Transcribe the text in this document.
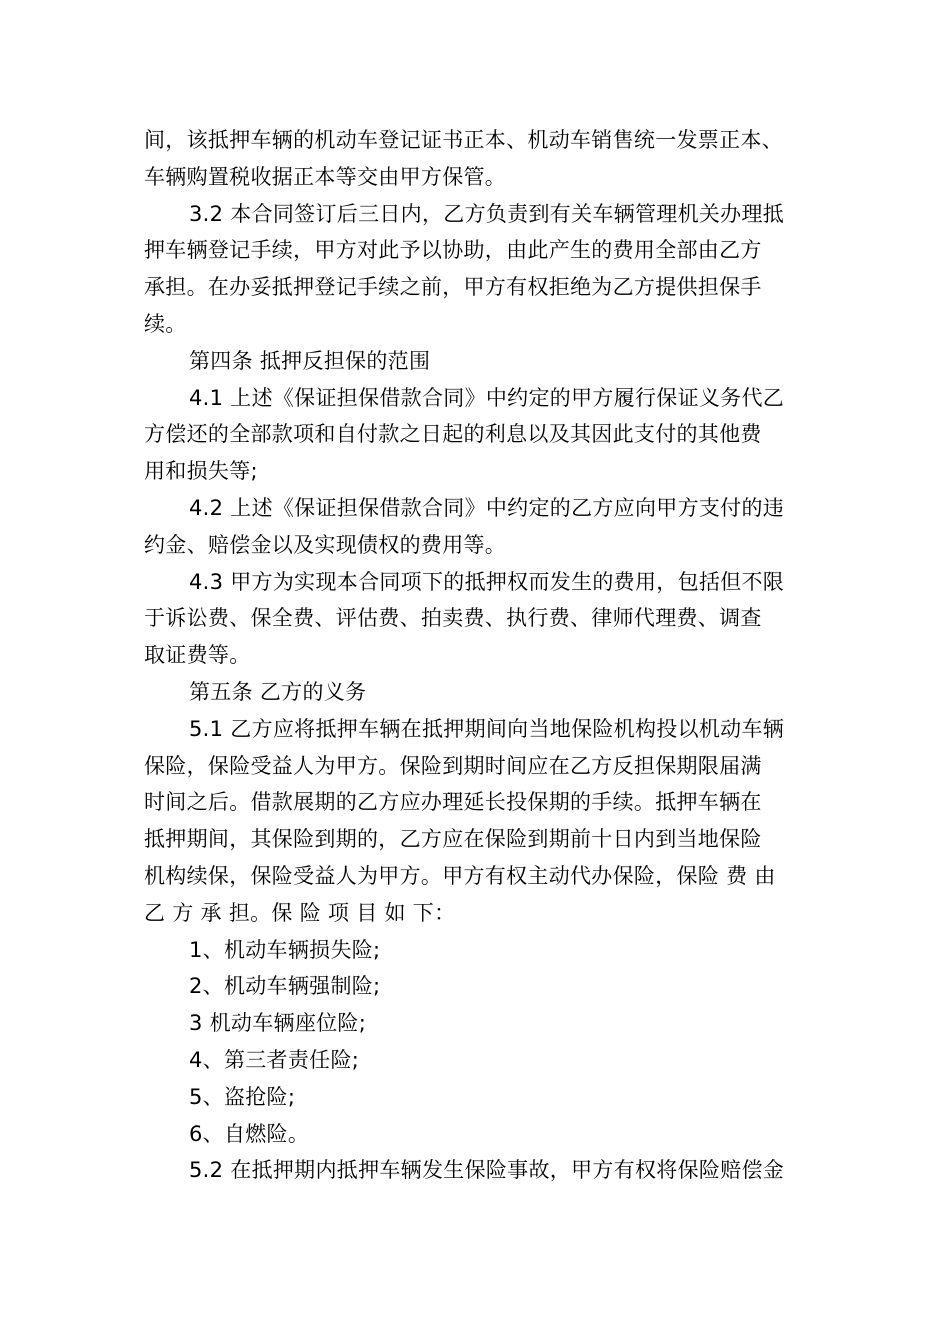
间，该抵押车辆的机动车登记证书正本、机动车销售统一发票正本、
车辆购置税收据正本等交由甲方保管。
3.2 本合同签订后三日内，乙方负责到有关车辆管理机关办理抵
押车辆登记手续，甲方对此予以协助，由此产生的费用全部由乙方
承担。在办妥抵押登记手续之前，甲方有权拒绝为乙方提供担保手
续。
第四条 抵押反担保的范围
4.1 上述《保证担保借款合同》中约定的甲方履行保证义务代乙
方偿还的全部款项和自付款之日起的利息以及其因此支付的其他费
用和损失等;
4.2 上述《保证担保借款合同》中约定的乙方应向甲方支付的违
约金、赔偿金以及实现债权的费用等。
4.3 甲方为实现本合同项下的抵押权而发生的费用，包括但不限
于诉讼费、保全费、评估费、拍卖费、执行费、律师代理费、调查
取证费等。
第五条 乙方的义务
5.1 乙方应将抵押车辆在抵押期间向当地保险机构投以机动车辆
保险，保险受益人为甲方。保险到期时间应在乙方反担保期限届满
时间之后。借款展期的乙方应办理延长投保期的手续。抵押车辆在
抵押期间，其保险到期的，乙方应在保险到期前十日内到当地保险
机构续保，保险受益人为甲方。甲方有权主动代办保险，保险 费 由
乙 方 承 担。保 险 项 目 如 下：
1、机动车辆损失险;
2、机动车辆强制险;
3 机动车辆座位险;
4、第三者责任险;
5、盗抢险;
6、自燃险。
5.2 在抵押期内抵押车辆发生保险事故，甲方有权将保险赔偿金
